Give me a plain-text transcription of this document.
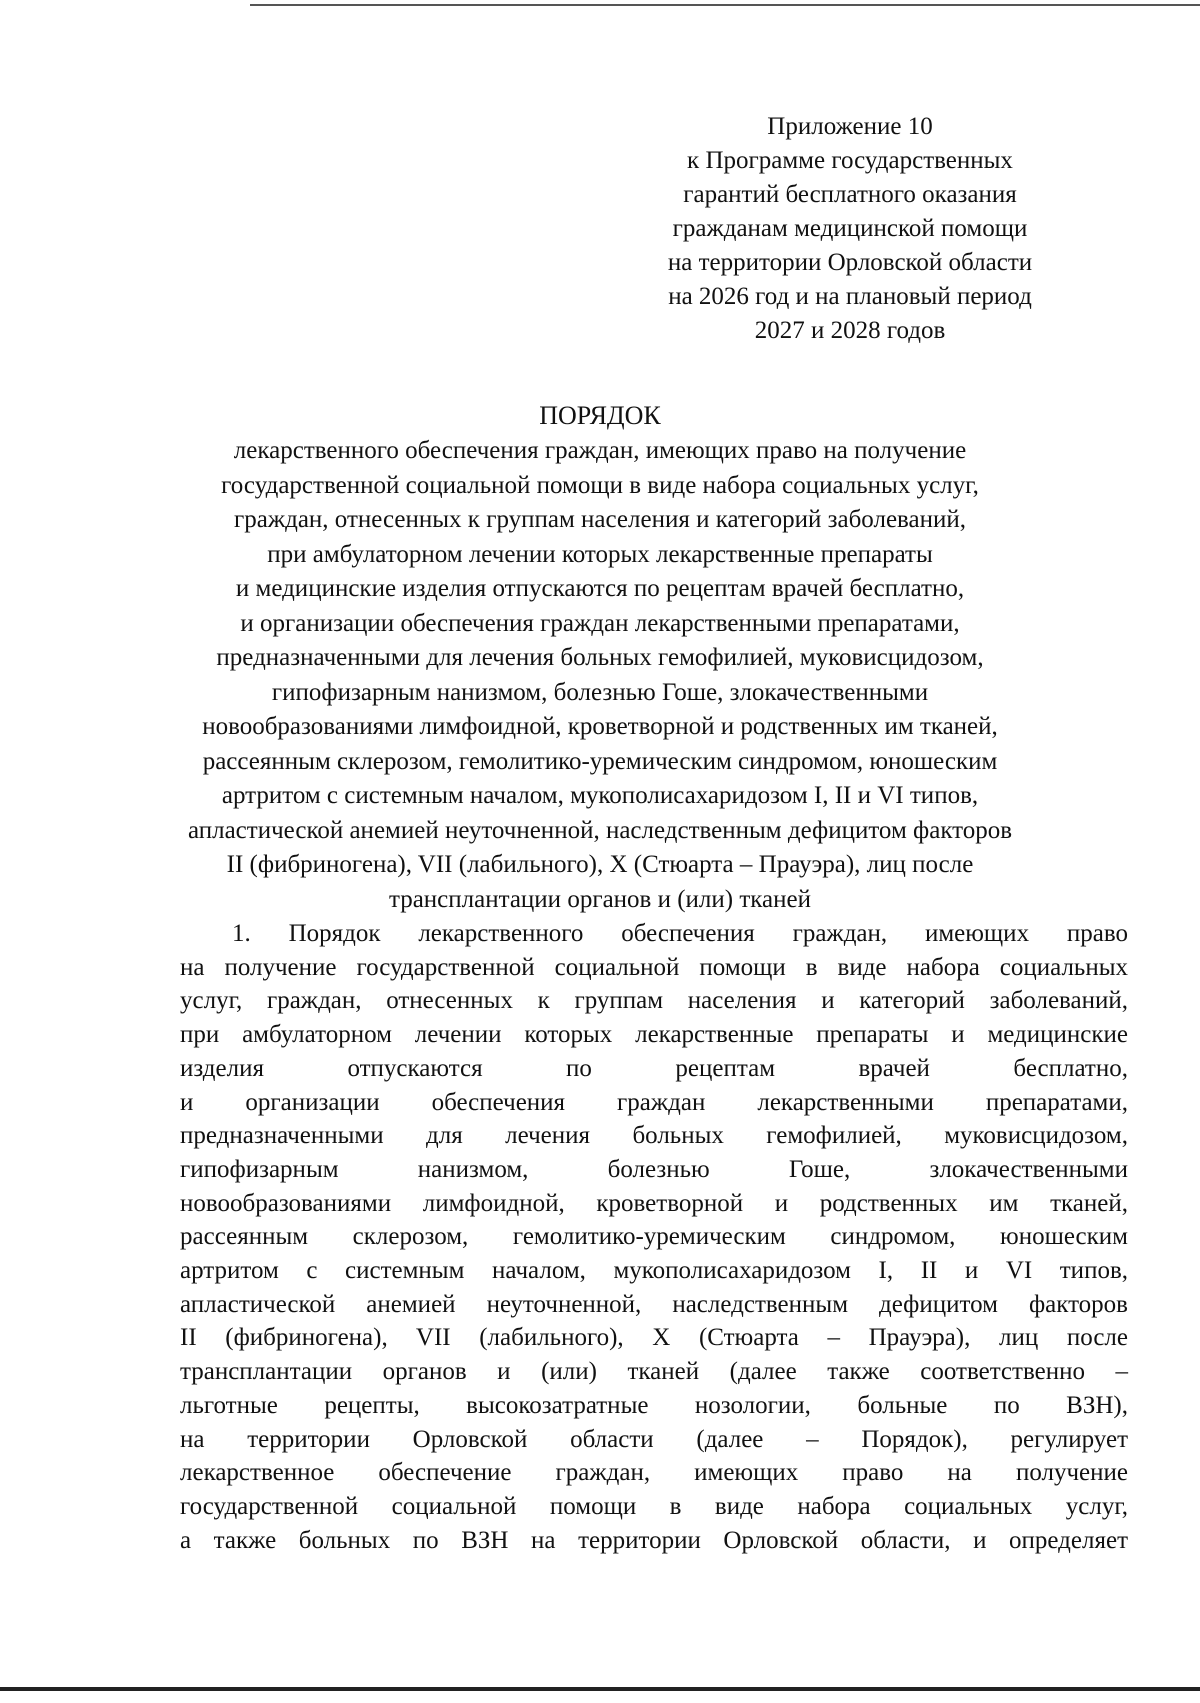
Приложение 10
к Программе государственных
гарантий бесплатного оказания
гражданам медицинской помощи
на территории Орловской области
на 2026 год и на плановый период
2027 и 2028 годов
ПОРЯДОК
лекарственного обеспечения граждан, имеющих право на получение
государственной социальной помощи в виде набора социальных услуг,
граждан, отнесенных к группам населения и категорий заболеваний,
при амбулаторном лечении которых лекарственные препараты
и медицинские изделия отпускаются по рецептам врачей бесплатно,
и организации обеспечения граждан лекарственными препаратами,
предназначенными для лечения больных гемофилией, муковисцидозом,
гипофизарным нанизмом, болезнью Гоше, злокачественными
новообразованиями лимфоидной, кроветворной и родственных им тканей,
рассеянным склерозом, гемолитико-уремическим синдромом, юношеским
артритом с системным началом, мукополисахаридозом I, II и VI типов,
апластической анемией неуточненной, наследственным дефицитом факторов
II (фибриногена), VII (лабильного), X (Стюарта – Прауэра), лиц после
трансплантации органов и (или) тканей
1. Порядок лекарственного обеспечения граждан, имеющих право
на получение государственной социальной помощи в виде набора социальных
услуг, граждан, отнесенных к группам населения и категорий заболеваний,
при амбулаторном лечении которых лекарственные препараты и медицинские
изделия отпускаются по рецептам врачей бесплатно,
и организации обеспечения граждан лекарственными препаратами,
предназначенными для лечения больных гемофилией, муковисцидозом,
гипофизарным нанизмом, болезнью Гоше, злокачественными
новообразованиями лимфоидной, кроветворной и родственных им тканей,
рассеянным склерозом, гемолитико-уремическим синдромом, юношеским
артритом с системным началом, мукополисахаридозом I, II и VI типов,
апластической анемией неуточненной, наследственным дефицитом факторов
II (фибриногена), VII (лабильного), X (Стюарта – Прауэра), лиц после
трансплантации органов и (или) тканей (далее также соответственно –
льготные рецепты, высокозатратные нозологии, больные по ВЗН),
на территории Орловской области (далее – Порядок), регулирует
лекарственное обеспечение граждан, имеющих право на получение
государственной социальной помощи в виде набора социальных услуг,
а также больных по ВЗН на территории Орловской области, и определяет
